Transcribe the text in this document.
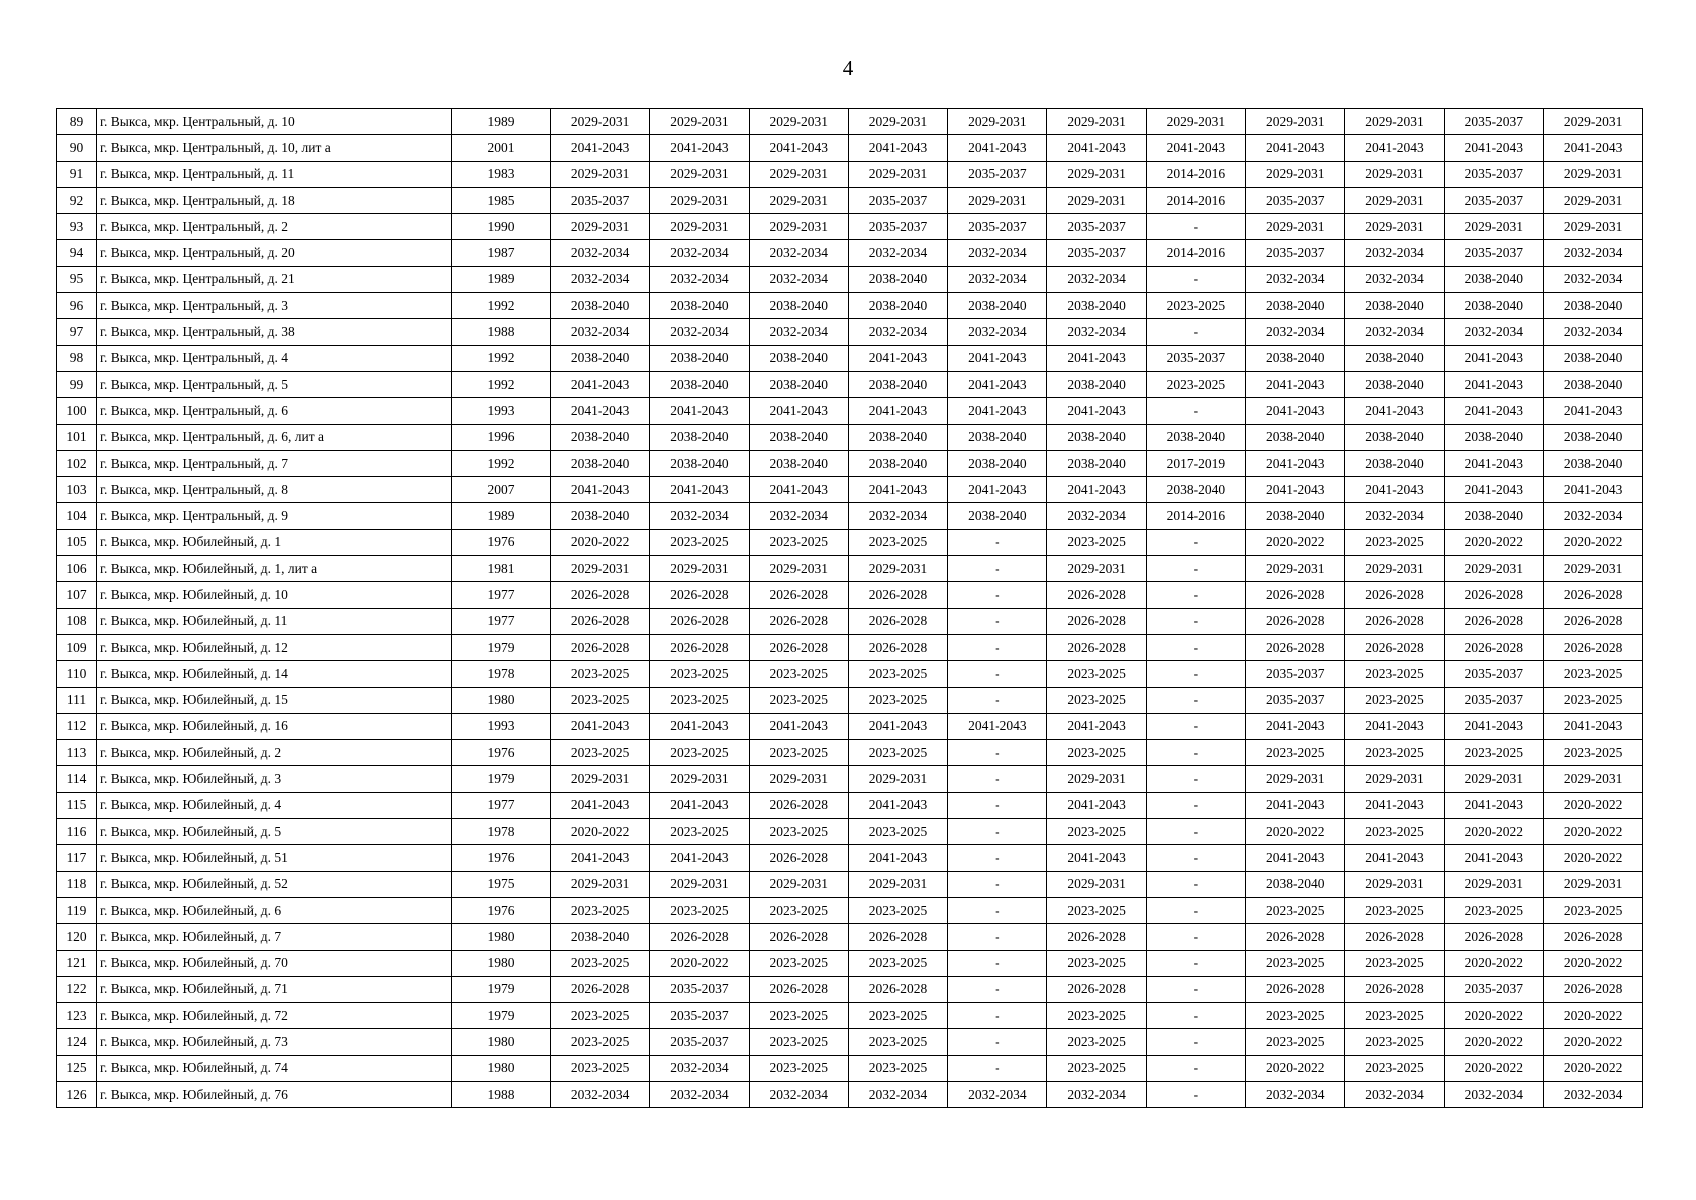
4
89	г. Выкса, мкр. Центральный, д. 10	1989	2029-2031	2029-2031	2029-2031	2029-2031	2029-2031	2029-2031	2029-2031	2029-2031	2029-2031	2035-2037	2029-2031
90	г. Выкса, мкр. Центральный, д. 10, лит а	2001	2041-2043	2041-2043	2041-2043	2041-2043	2041-2043	2041-2043	2041-2043	2041-2043	2041-2043	2041-2043	2041-2043
91	г. Выкса, мкр. Центральный, д. 11	1983	2029-2031	2029-2031	2029-2031	2029-2031	2035-2037	2029-2031	2014-2016	2029-2031	2029-2031	2035-2037	2029-2031
92	г. Выкса, мкр. Центральный, д. 18	1985	2035-2037	2029-2031	2029-2031	2035-2037	2029-2031	2029-2031	2014-2016	2035-2037	2029-2031	2035-2037	2029-2031
93	г. Выкса, мкр. Центральный, д. 2	1990	2029-2031	2029-2031	2029-2031	2035-2037	2035-2037	2035-2037	-	2029-2031	2029-2031	2029-2031	2029-2031
94	г. Выкса, мкр. Центральный, д. 20	1987	2032-2034	2032-2034	2032-2034	2032-2034	2032-2034	2035-2037	2014-2016	2035-2037	2032-2034	2035-2037	2032-2034
95	г. Выкса, мкр. Центральный, д. 21	1989	2032-2034	2032-2034	2032-2034	2038-2040	2032-2034	2032-2034	-	2032-2034	2032-2034	2038-2040	2032-2034
96	г. Выкса, мкр. Центральный, д. 3	1992	2038-2040	2038-2040	2038-2040	2038-2040	2038-2040	2038-2040	2023-2025	2038-2040	2038-2040	2038-2040	2038-2040
97	г. Выкса, мкр. Центральный, д. 38	1988	2032-2034	2032-2034	2032-2034	2032-2034	2032-2034	2032-2034	-	2032-2034	2032-2034	2032-2034	2032-2034
98	г. Выкса, мкр. Центральный, д. 4	1992	2038-2040	2038-2040	2038-2040	2041-2043	2041-2043	2041-2043	2035-2037	2038-2040	2038-2040	2041-2043	2038-2040
99	г. Выкса, мкр. Центральный, д. 5	1992	2041-2043	2038-2040	2038-2040	2038-2040	2041-2043	2038-2040	2023-2025	2041-2043	2038-2040	2041-2043	2038-2040
100	г. Выкса, мкр. Центральный, д. 6	1993	2041-2043	2041-2043	2041-2043	2041-2043	2041-2043	2041-2043	-	2041-2043	2041-2043	2041-2043	2041-2043
101	г. Выкса, мкр. Центральный, д. 6, лит а	1996	2038-2040	2038-2040	2038-2040	2038-2040	2038-2040	2038-2040	2038-2040	2038-2040	2038-2040	2038-2040	2038-2040
102	г. Выкса, мкр. Центральный, д. 7	1992	2038-2040	2038-2040	2038-2040	2038-2040	2038-2040	2038-2040	2017-2019	2041-2043	2038-2040	2041-2043	2038-2040
103	г. Выкса, мкр. Центральный, д. 8	2007	2041-2043	2041-2043	2041-2043	2041-2043	2041-2043	2041-2043	2038-2040	2041-2043	2041-2043	2041-2043	2041-2043
104	г. Выкса, мкр. Центральный, д. 9	1989	2038-2040	2032-2034	2032-2034	2032-2034	2038-2040	2032-2034	2014-2016	2038-2040	2032-2034	2038-2040	2032-2034
105	г. Выкса, мкр. Юбилейный, д. 1	1976	2020-2022	2023-2025	2023-2025	2023-2025	-	2023-2025	-	2020-2022	2023-2025	2020-2022	2020-2022
106	г. Выкса, мкр. Юбилейный, д. 1, лит а	1981	2029-2031	2029-2031	2029-2031	2029-2031	-	2029-2031	-	2029-2031	2029-2031	2029-2031	2029-2031
107	г. Выкса, мкр. Юбилейный, д. 10	1977	2026-2028	2026-2028	2026-2028	2026-2028	-	2026-2028	-	2026-2028	2026-2028	2026-2028	2026-2028
108	г. Выкса, мкр. Юбилейный, д. 11	1977	2026-2028	2026-2028	2026-2028	2026-2028	-	2026-2028	-	2026-2028	2026-2028	2026-2028	2026-2028
109	г. Выкса, мкр. Юбилейный, д. 12	1979	2026-2028	2026-2028	2026-2028	2026-2028	-	2026-2028	-	2026-2028	2026-2028	2026-2028	2026-2028
110	г. Выкса, мкр. Юбилейный, д. 14	1978	2023-2025	2023-2025	2023-2025	2023-2025	-	2023-2025	-	2035-2037	2023-2025	2035-2037	2023-2025
111	г. Выкса, мкр. Юбилейный, д. 15	1980	2023-2025	2023-2025	2023-2025	2023-2025	-	2023-2025	-	2035-2037	2023-2025	2035-2037	2023-2025
112	г. Выкса, мкр. Юбилейный, д. 16	1993	2041-2043	2041-2043	2041-2043	2041-2043	2041-2043	2041-2043	-	2041-2043	2041-2043	2041-2043	2041-2043
113	г. Выкса, мкр. Юбилейный, д. 2	1976	2023-2025	2023-2025	2023-2025	2023-2025	-	2023-2025	-	2023-2025	2023-2025	2023-2025	2023-2025
114	г. Выкса, мкр. Юбилейный, д. 3	1979	2029-2031	2029-2031	2029-2031	2029-2031	-	2029-2031	-	2029-2031	2029-2031	2029-2031	2029-2031
115	г. Выкса, мкр. Юбилейный, д. 4	1977	2041-2043	2041-2043	2026-2028	2041-2043	-	2041-2043	-	2041-2043	2041-2043	2041-2043	2020-2022
116	г. Выкса, мкр. Юбилейный, д. 5	1978	2020-2022	2023-2025	2023-2025	2023-2025	-	2023-2025	-	2020-2022	2023-2025	2020-2022	2020-2022
117	г. Выкса, мкр. Юбилейный, д. 51	1976	2041-2043	2041-2043	2026-2028	2041-2043	-	2041-2043	-	2041-2043	2041-2043	2041-2043	2020-2022
118	г. Выкса, мкр. Юбилейный, д. 52	1975	2029-2031	2029-2031	2029-2031	2029-2031	-	2029-2031	-	2038-2040	2029-2031	2029-2031	2029-2031
119	г. Выкса, мкр. Юбилейный, д. 6	1976	2023-2025	2023-2025	2023-2025	2023-2025	-	2023-2025	-	2023-2025	2023-2025	2023-2025	2023-2025
120	г. Выкса, мкр. Юбилейный, д. 7	1980	2038-2040	2026-2028	2026-2028	2026-2028	-	2026-2028	-	2026-2028	2026-2028	2026-2028	2026-2028
121	г. Выкса, мкр. Юбилейный, д. 70	1980	2023-2025	2020-2022	2023-2025	2023-2025	-	2023-2025	-	2023-2025	2023-2025	2020-2022	2020-2022
122	г. Выкса, мкр. Юбилейный, д. 71	1979	2026-2028	2035-2037	2026-2028	2026-2028	-	2026-2028	-	2026-2028	2026-2028	2035-2037	2026-2028
123	г. Выкса, мкр. Юбилейный, д. 72	1979	2023-2025	2035-2037	2023-2025	2023-2025	-	2023-2025	-	2023-2025	2023-2025	2020-2022	2020-2022
124	г. Выкса, мкр. Юбилейный, д. 73	1980	2023-2025	2035-2037	2023-2025	2023-2025	-	2023-2025	-	2023-2025	2023-2025	2020-2022	2020-2022
125	г. Выкса, мкр. Юбилейный, д. 74	1980	2023-2025	2032-2034	2023-2025	2023-2025	-	2023-2025	-	2020-2022	2023-2025	2020-2022	2020-2022
126	г. Выкса, мкр. Юбилейный, д. 76	1988	2032-2034	2032-2034	2032-2034	2032-2034	2032-2034	2032-2034	-	2032-2034	2032-2034	2032-2034	2032-2034
